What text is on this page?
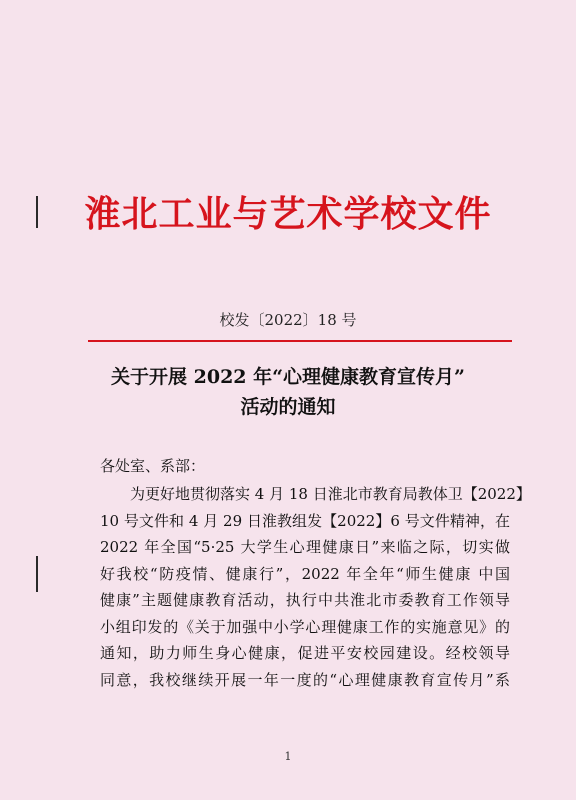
淮北工业与艺术学校文件
校发〔2022〕18 号
关于开展 2022 年“心理健康教育宣传月”
活动的通知
各处室、系部：
为更好地贯彻落实 4 月 18 日淮北市教育局教体卫【2022】
10 号文件和 4 月 29 日淮教组发【2022】6 号文件精神，在
2022 年全国“5·25 大学生心理健康日”来临之际，切实做
好我校“防疫情、健康行”，2022 年全年“师生健康 中国
健康”主题健康教育活动，执行中共淮北市委教育工作领导
小组印发的《关于加强中小学心理健康工作的实施意见》的
通知，助力师生身心健康，促进平安校园建设。经校领导
同意，我校继续开展一年一度的“心理健康教育宣传月”系
1
